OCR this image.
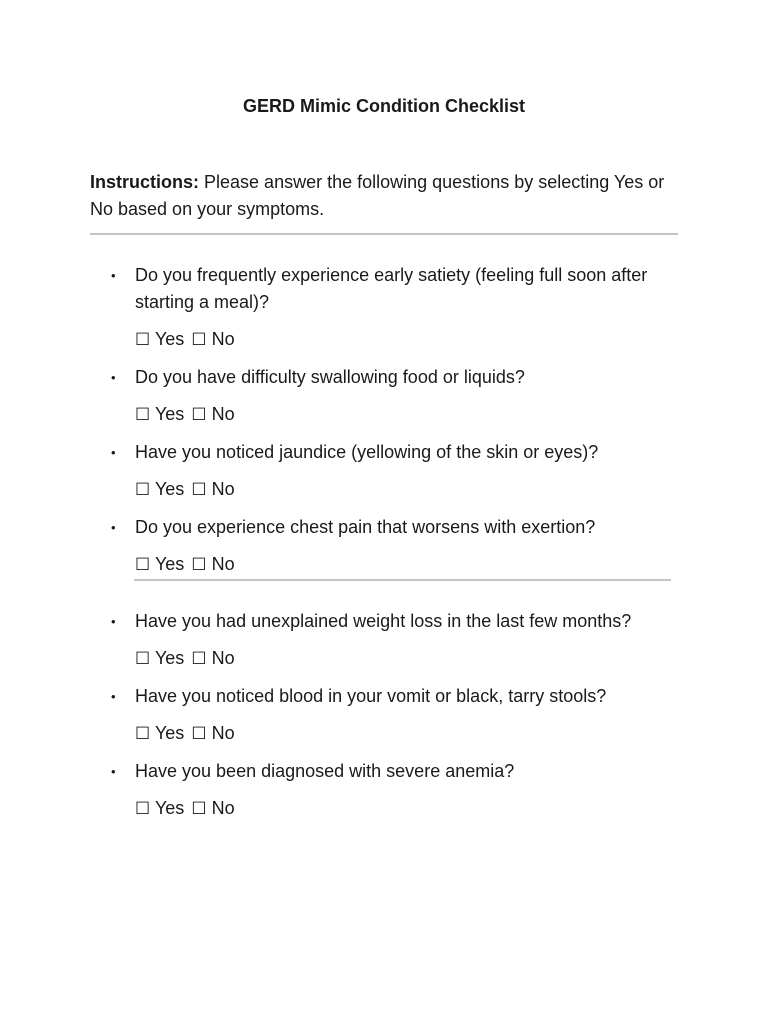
GERD Mimic Condition Checklist
Instructions: Please answer the following questions by selecting Yes or No based on your symptoms.
• Do you frequently experience early satiety (feeling full soon after starting a meal)?
☐ Yes ☐ No
• Do you have difficulty swallowing food or liquids?
☐ Yes ☐ No
• Have you noticed jaundice (yellowing of the skin or eyes)?
☐ Yes ☐ No
• Do you experience chest pain that worsens with exertion?
☐ Yes ☐ No
• Have you had unexplained weight loss in the last few months?
☐ Yes ☐ No
• Have you noticed blood in your vomit or black, tarry stools?
☐ Yes ☐ No
• Have you been diagnosed with severe anemia?
☐ Yes ☐ No
